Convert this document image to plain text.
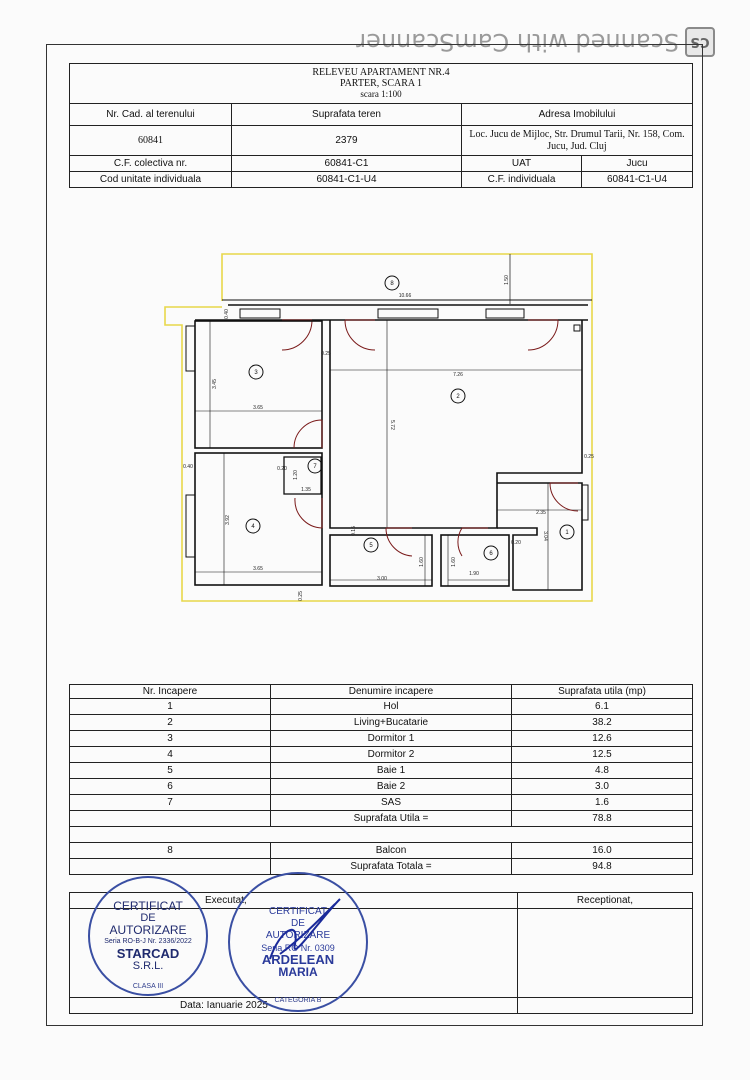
CS
Scanned with CamScanner
RELEVEU APARTAMENT NR.4
PARTER, SCARA 1
scara 1:100			

Nr. Cad. al terenului	Suprafata teren	Adresa Imobilului	
60841	2379	Loc. Jucu de Mijloc, Str. Drumul Tarii, Nr. 158, Com. Jucu, Jud. Cluj	
C.F. colectiva nr.	60841-C1	UAT	Jucu
Cod unitate individuala	60841-C1-U4	C.F. individuala	60841-C1-U4
8
2
3
4
5
6
7
1
10.66
1.50
0.40
0.25
7.26
5.72
3.45
3.65
0.40	0.20
1.20
1.35
0.25
3.92
3.65
0.25
0.15
1.60
3.00
1.60
1.90
0.20
2.35
3.04
Nr. Incapere	Denumire incapere	Suprafata utila (mp)
1	Hol	6.1
2	Living+Bucatarie	38.2
3	Dormitor 1	12.6
4	Dormitor 2	12.5
5	Baie 1	4.8
6	Baie 2	3.0
7	SAS	1.6
	Suprafata Utila =	78.8

8	Balcon	16.0
	Suprafata Totala =	94.8
Executat,	Receptionat,

Data: Ianuarie 2025	
CERTIFICAT
DE
AUTORIZARE
Seria RO-B-J Nr. 2336/2022
STARCAD
S.R.L.
CLASA III
CERTIFICAT
DE
AUTORIZARE
Seria RO Nr. 0309
ARDELEAN
MARIA
CATEGORIA B
